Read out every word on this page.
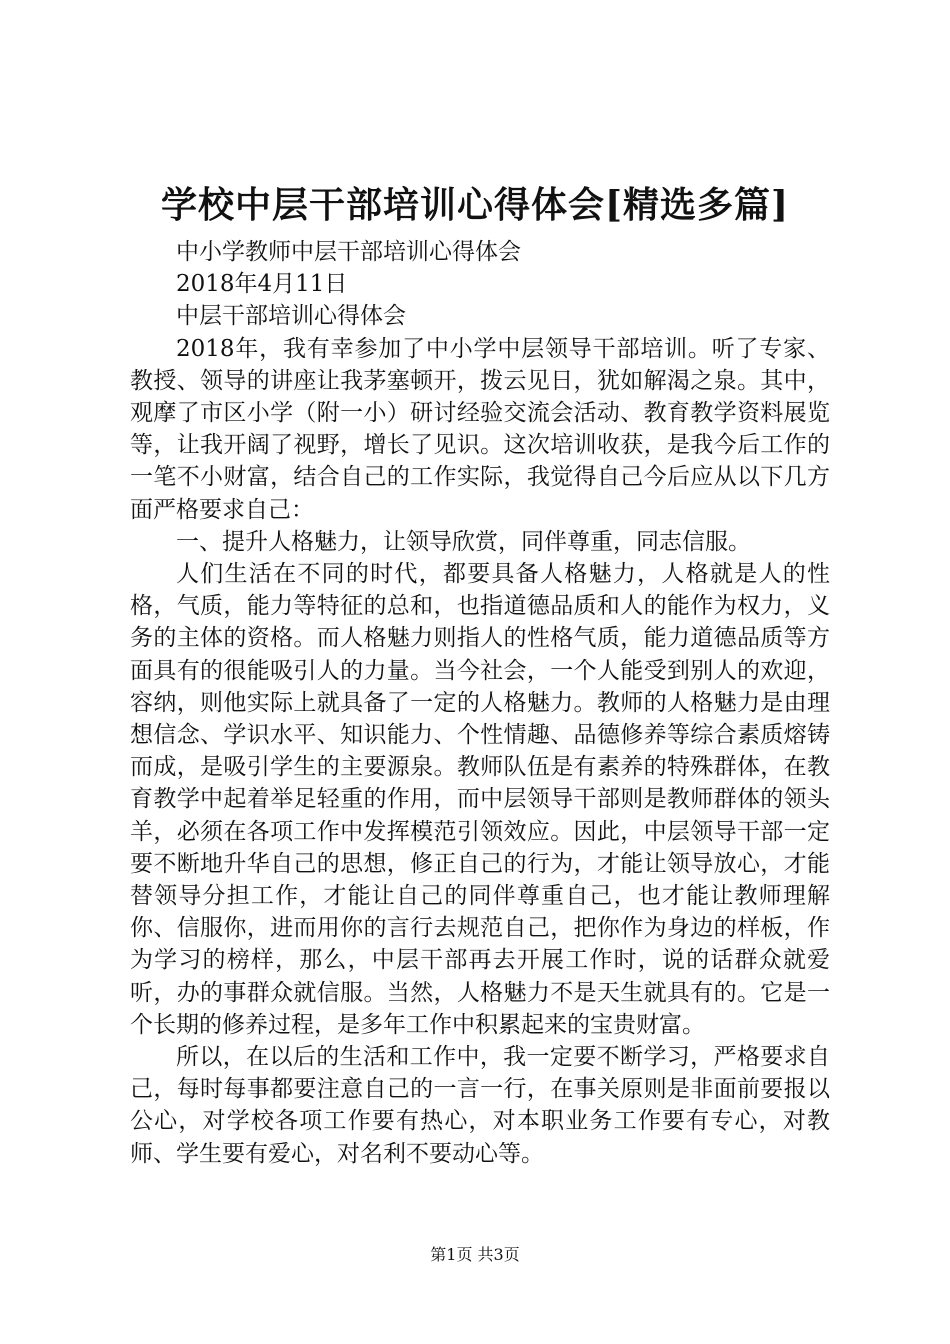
学校中层干部培训心得体会[精选多篇]

中小学教师中层干部培训心得体会

2018年4月11日

中层干部培训心得体会

2018年，我有幸参加了中小学中层领导干部培训。听了专家、教授、领导的讲座让我茅塞顿开，拨云见日，犹如解渴之泉。其中，观摩了市区小学（附一小）研讨经验交流会活动、教育教学资料展览等，让我开阔了视野，增长了见识。这次培训收获，是我今后工作的一笔不小财富，结合自己的工作实际，我觉得自己今后应从以下几方面严格要求自己：

一、提升人格魅力，让领导欣赏，同伴尊重，同志信服。

人们生活在不同的时代，都要具备人格魅力，人格就是人的性格，气质，能力等特征的总和，也指道德品质和人的能作为权力，义务的主体的资格。而人格魅力则指人的性格气质，能力道德品质等方面具有的很能吸引人的力量。当今社会，一个人能受到别人的欢迎，容纳，则他实际上就具备了一定的人格魅力。教师的人格魅力是由理想信念、学识水平、知识能力、个性情趣、品德修养等综合素质熔铸而成，是吸引学生的主要源泉。教师队伍是有素养的特殊群体，在教育教学中起着举足轻重的作用，而中层领导干部则是教师群体的领头羊，必须在各项工作中发挥模范引领效应。因此，中层领导干部一定要不断地升华自己的思想，修正自己的行为，才能让领导放心，才能替领导分担工作，才能让自己的同伴尊重自己，也才能让教师理解你、信服你，进而用你的言行去规范自己，把你作为身边的样板，作为学习的榜样，那么，中层干部再去开展工作时，说的话群众就爱听，办的事群众就信服。当然，人格魅力不是天生就具有的。它是一个长期的修养过程，是多年工作中积累起来的宝贵财富。

所以，在以后的生活和工作中，我一定要不断学习，严格要求自己，每时每事都要注意自己的一言一行，在事关原则是非面前要报以公心，对学校各项工作要有热心，对本职业务工作要有专心，对教师、学生要有爱心，对名利不要动心等。

第1页 共3页
